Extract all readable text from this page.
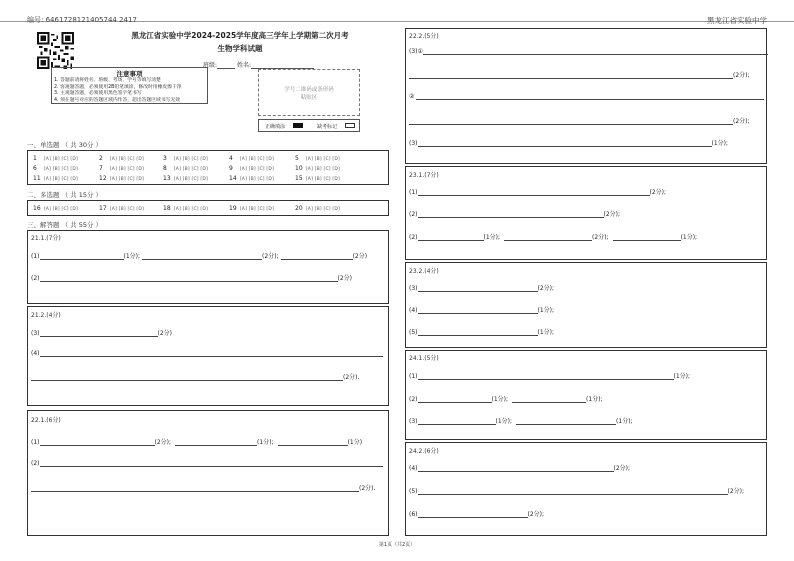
编号: 6461728121405744 2417	黑龙江省实验中学
黑龙江省实验中学2024-2025学年度高三学年上学期第二次月考
生物学科试题
班级:	姓名:
注意事项
1. 答题前请将姓名、班级、考场、学号等填写清楚
2. 客观题答题，必须使用2B铅笔填涂，修改时用橡皮擦干净
3. 主观题答题，必须使用黑色签字笔书写
4. 须在题号对应的答题区域内作答，超出答题区域书写无效
学号二维码或条形码
粘贴区
正确填涂	缺考标记
一、单选题 （ 共 30分 ）
1 [A] [B] [C] [D]	2 [A] [B] [C] [D]	3 [A] [B] [C] [D]	4 [A] [B] [C] [D]	5 [A] [B] [C] [D]
6 [A] [B] [C] [D]	7 [A] [B] [C] [D]	8 [A] [B] [C] [D]	9 [A] [B] [C] [D]	10 [A] [B] [C] [D]
11 [A] [B] [C] [D]	12 [A] [B] [C] [D]	13 [A] [B] [C] [D]	14 [A] [B] [C] [D]	15 [A] [B] [C] [D]
二、多选题 （ 共 15分 ）
16 [A] [B] [C] [D]	17 [A] [B] [C] [D]	18 [A] [B] [C] [D]	19 [A] [B] [C] [D]	20 [A] [B] [C] [D]
三、解答题 （ 共 55分 ）
21.1.(7分)
(1)	(1分);	(2分);	(2分)
(2)	(2分)
21.2.(4分)
(3)	(2分)
(4)
(2分).
22.1.(6分)
(1)	(2分);	(1分);	(1分)
(2)
(2分).
22.2.(5分)
(3)①
(2分);
②
(2分);
(3)	(1分);
23.1.(7分)
(1)	(2分);
(2)	(2分);
(2)	(1分);	(2分);	(1分);
23.2.(4分)
(3)	(2分);
(4)	(1分);
(5)	(1分);
24.1.(5分)
(1)	(1分);
(2)	(1分);	(1分);
(3)	(1分);	(1分);
24.2.(6分)
(4)	(2分);
(5)	(2分);
(6)	(2分);
第1页（共2页）
